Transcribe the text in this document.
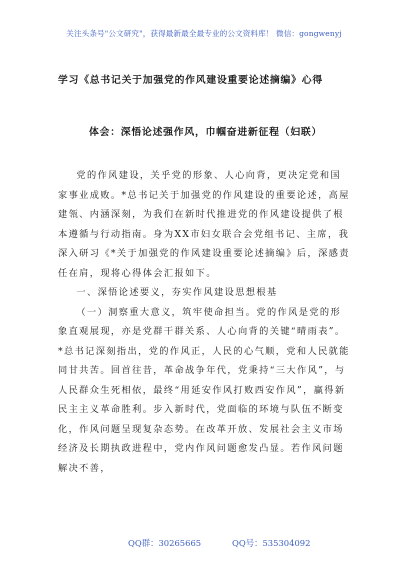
关注头条号"公文研究"，获得最新最全最专业的公文资料库！ 微信：gongwenyj
学习《总书记关于加强党的作风建设重要论述摘编》心得
体会：深悟论述强作风，巾帼奋进新征程（妇联）

党的作风建设，关乎党的形象、人心向背，更决定党和国家事业成败。*总书记关于加强党的作风建设的重要论述，高屋建瓴、内涵深刻，为我们在新时代推进党的作风建设提供了根本遵循与行动指南。身为XX市妇女联合会党组书记、主席，我深入研习《*关于加强党的作风建设重要论述摘编》后，深感责任在肩，现将心得体会汇报如下。

一、深悟论述要义，夯实作风建设思想根基

（一）洞察重大意义，筑牢使命担当。党的作风是党的形象直观展现，亦是党群干群关系、人心向背的关键“晴雨表”。*总书记深刻指出，党的作风正，人民的心气顺，党和人民就能同甘共苦。回首往昔，革命战争年代，党秉持“三大作风”，与人民群众生死相依，最终“用延安作风打败西安作风”，赢得新民主主义革命胜利。步入新时代，党面临的环境与队伍不断变化，作风问题呈现复杂态势。在改革开放、发展社会主义市场经济及长期执政进程中，党内作风问题愈发凸显。若作风问题解决不善，

QQ群：30265665	QQ号：535304092
